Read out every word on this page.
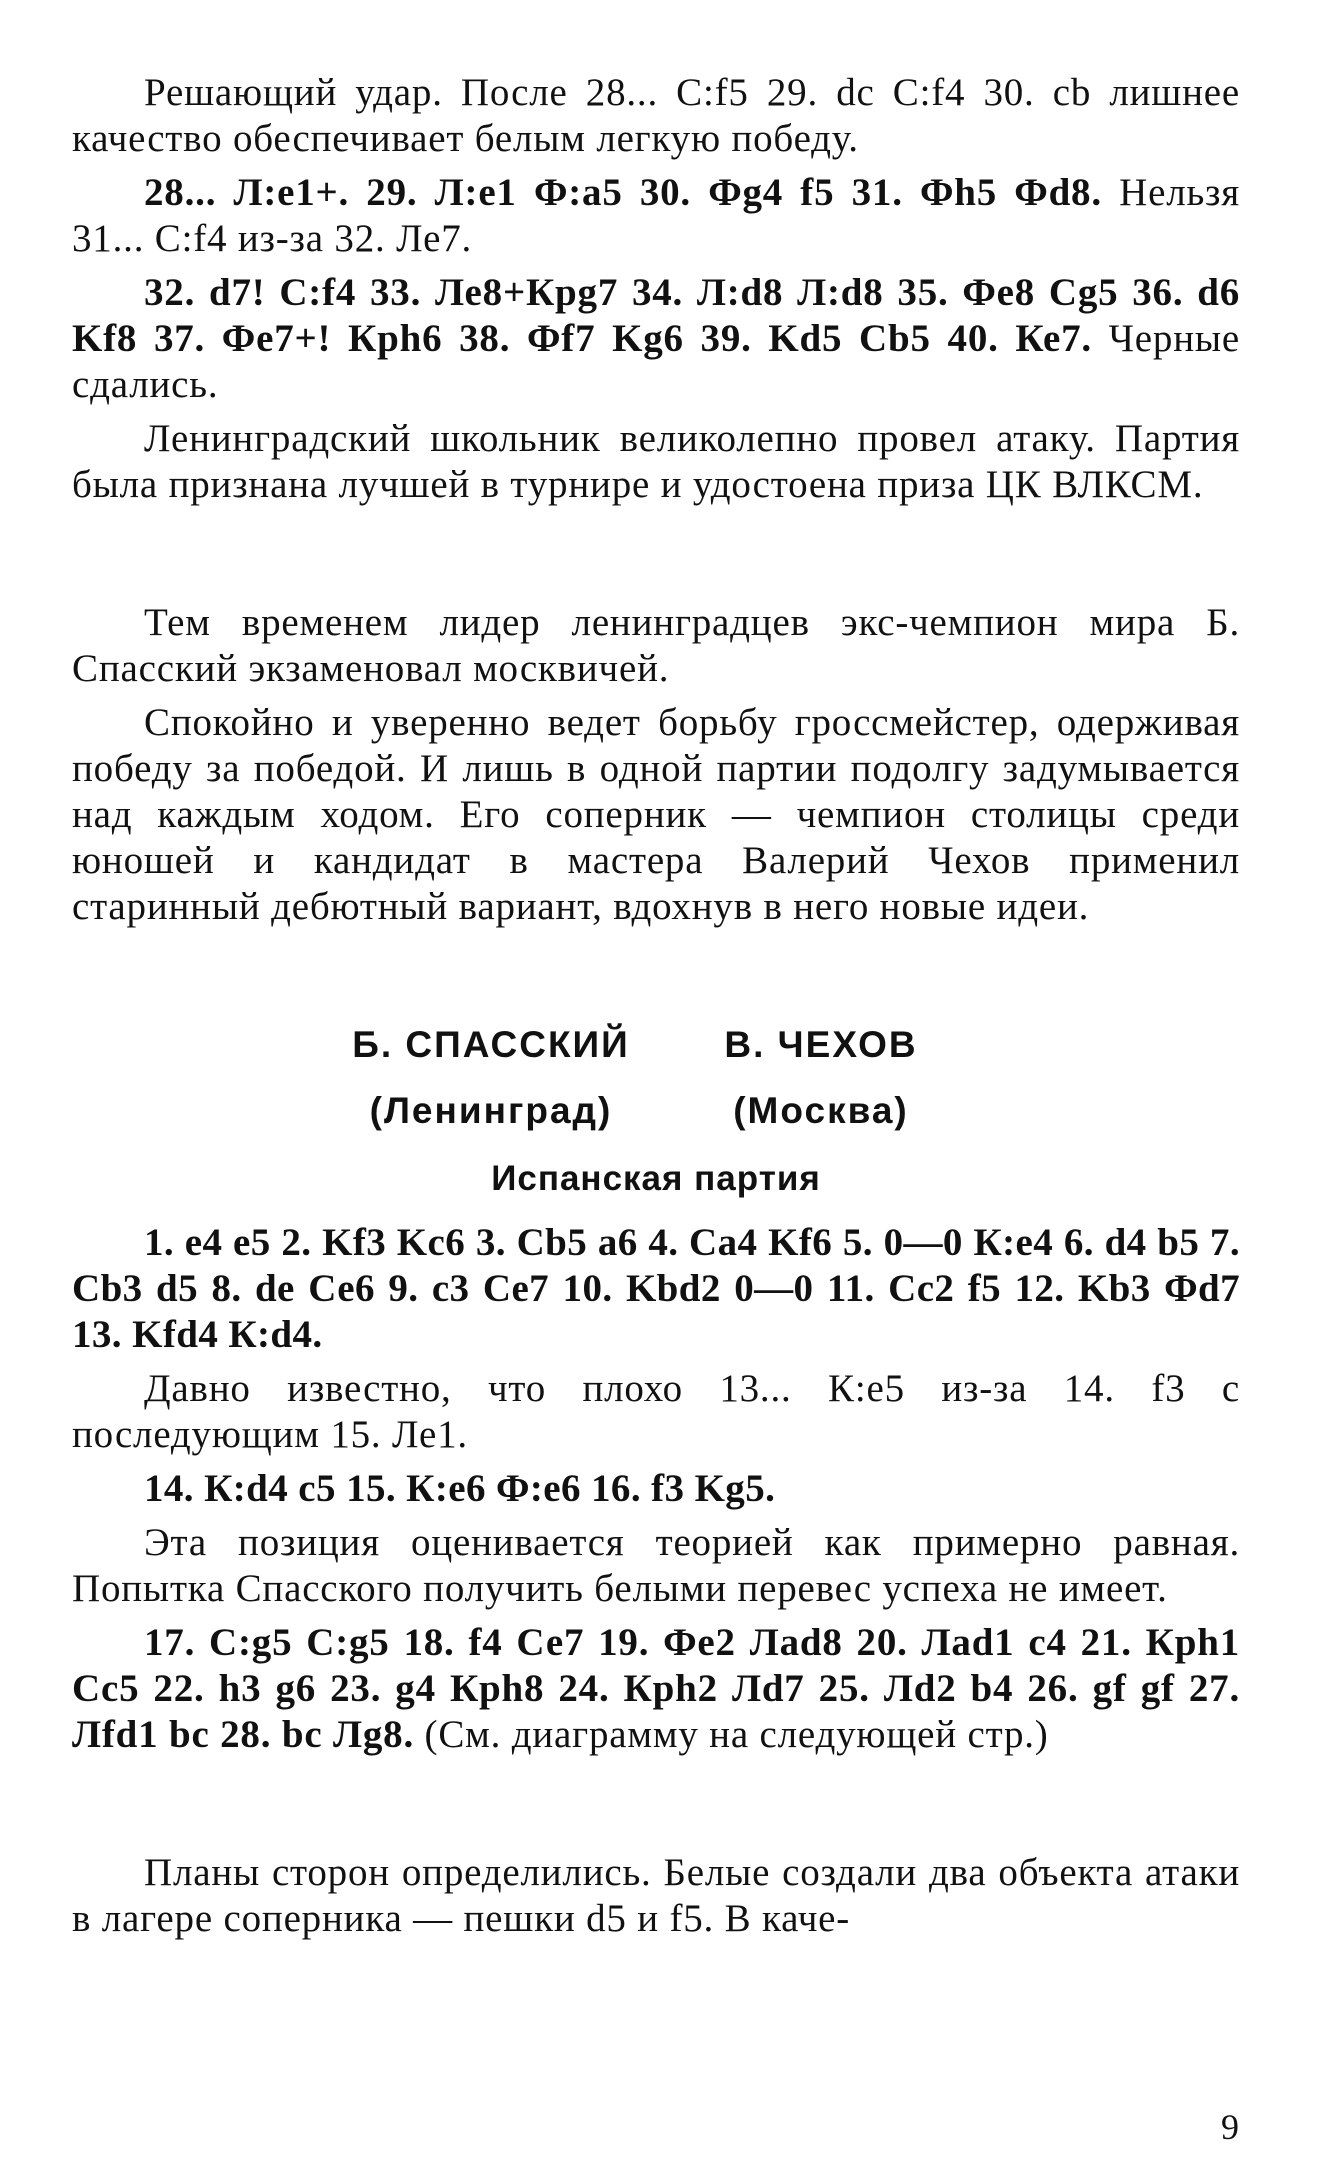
Решающий удар. После 28... С:f5 29. dc C:f4 30. cb лишнее качество обеспечивает белым легкую победу.

28... Л:e1+. 29. Л:e1 Ф:a5 30. Фg4 f5 31. Фh5 Фd8. Нельзя 31... С:f4 из-за 32. Ле7.

32. d7! С:f4 33. Ле8+Крg7 34. Л:d8 Л:d8 35. Фе8 Cg5 36. d6 Kf8 37. Фе7+! Крh6 38. Фf7 Kg6 39. Kd5 Cb5 40. Ке7. Черные сдались.

Ленинградский школьник великолепно провел атаку. Партия была признана лучшей в турнире и удостоена приза ЦК ВЛКСМ.

Тем временем лидер ленинградцев экс-чемпион мира Б. Спасский экзаменовал москвичей.

Спокойно и уверенно ведет борьбу гроссмейстер, одерживая победу за победой. И лишь в одной партии подолгу задумывается над каждым ходом. Его соперник — чемпион столицы среди юношей и кандидат в мастера Валерий Чехов применил старинный дебютный вариант, вдохнув в него новые идеи.

Б. СПАССКИЙ	В. ЧЕХОВ
(Ленинград)	(Москва)
Испанская партия

1. e4 e5 2. Kf3 Kc6 3. Cb5 a6 4. Ca4 Kf6 5. 0—0 К:e4 6. d4 b5 7. Cb3 d5 8. de Се6 9. c3 Ce7 10. Kbd2 0—0 11. Cc2 f5 12. Kb3 Фd7 13. Kfd4 К:d4.

Давно известно, что плохо 13... К:e5 из-за 14. f3 с последующим 15. Ле1.

14. К:d4 c5 15. К:e6 Ф:e6 16. f3 Kg5.

Эта позиция оценивается теорией как примерно равная. Попытка Спасского получить белыми перевес успеха не имеет.

17. С:g5 С:g5 18. f4 Се7 19. Фе2 Лаd8 20. Лаd1 c4 21. Крh1 Cc5 22. h3 g6 23. g4 Крh8 24. Крh2 Лd7 25. Лd2 b4 26. gf gf 27. Лfd1 bc 28. bc Лg8. (См. диаграмму на следующей стр.)

Планы сторон определились. Белые создали два объекта атаки в лагере соперника — пешки d5 и f5. В каче-

9
